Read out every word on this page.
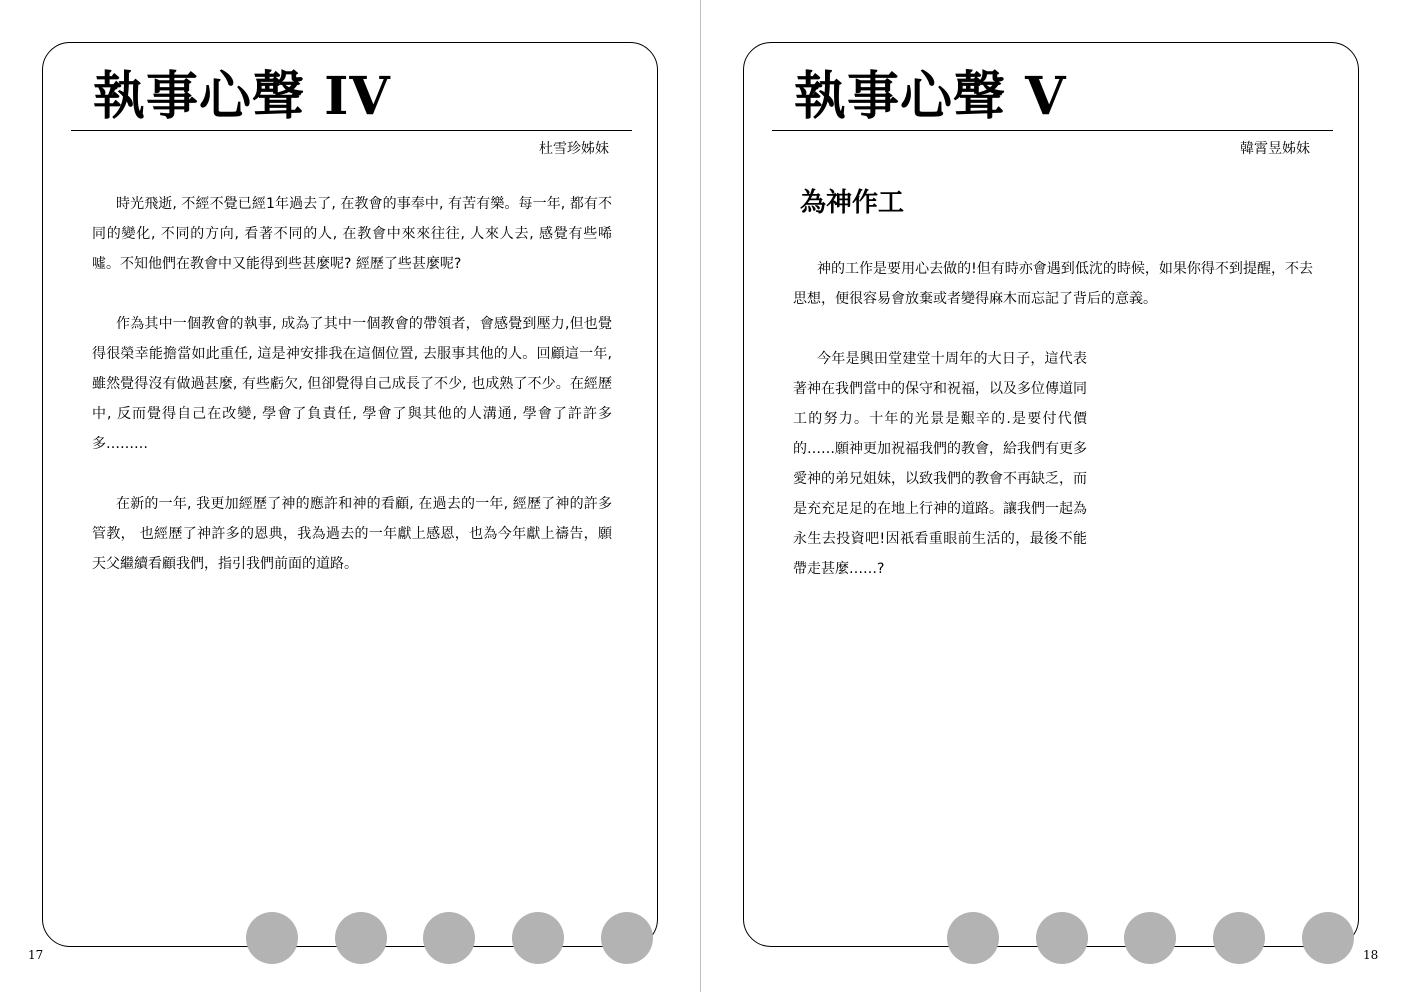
執事心聲 IV
杜雪珍姊妹

時光飛逝, 不經不覺已經1年過去了, 在教會的事奉中, 有苦有樂。每一年, 都有不同的變化, 不同的方向, 看著不同的人, 在教會中來來往往, 人來人去, 感覺有些唏噓。不知他們在教會中又能得到些甚麼呢? 經歷了些甚麼呢?

作為其中一個教會的執事, 成為了其中一個教會的帶領者，會感覺到壓力,但也覺得很榮幸能擔當如此重任, 這是神安排我在這個位置, 去服事其他的人。回顧這一年, 雖然覺得沒有做過甚麼, 有些虧欠, 但卻覺得自己成長了不少, 也成熟了不少。在經歷中, 反而覺得自己在改變, 學會了負責任, 學會了與其他的人溝通, 學會了許許多多………

在新的一年, 我更加經歷了神的應許和神的看顧, 在過去的一年, 經歷了神的許多管教， 也經歷了神許多的恩典，我為過去的一年獻上感恩，也為今年獻上禱告，願天父繼續看顧我們，指引我們前面的道路。

17
執事心聲 V
韓霄昱姊妹
為神作工

神的工作是要用心去做的!但有時亦會遇到低沈的時候，如果你得不到提醒，不去思想，便很容易會放棄或者變得麻木而忘記了背后的意義。

今年是興田堂建堂十周年的大日子，這代表著神在我們當中的保守和祝福，以及多位傳道同工的努力。十年的光景是艱辛的.是要付代價的……願神更加祝福我們的教會，給我們有更多愛神的弟兄姐妹，以致我們的教會不再缺乏，而是充充足足的在地上行神的道路。讓我們一起為永生去投資吧!因祇看重眼前生活的，最後不能帶走甚麼……?

18
